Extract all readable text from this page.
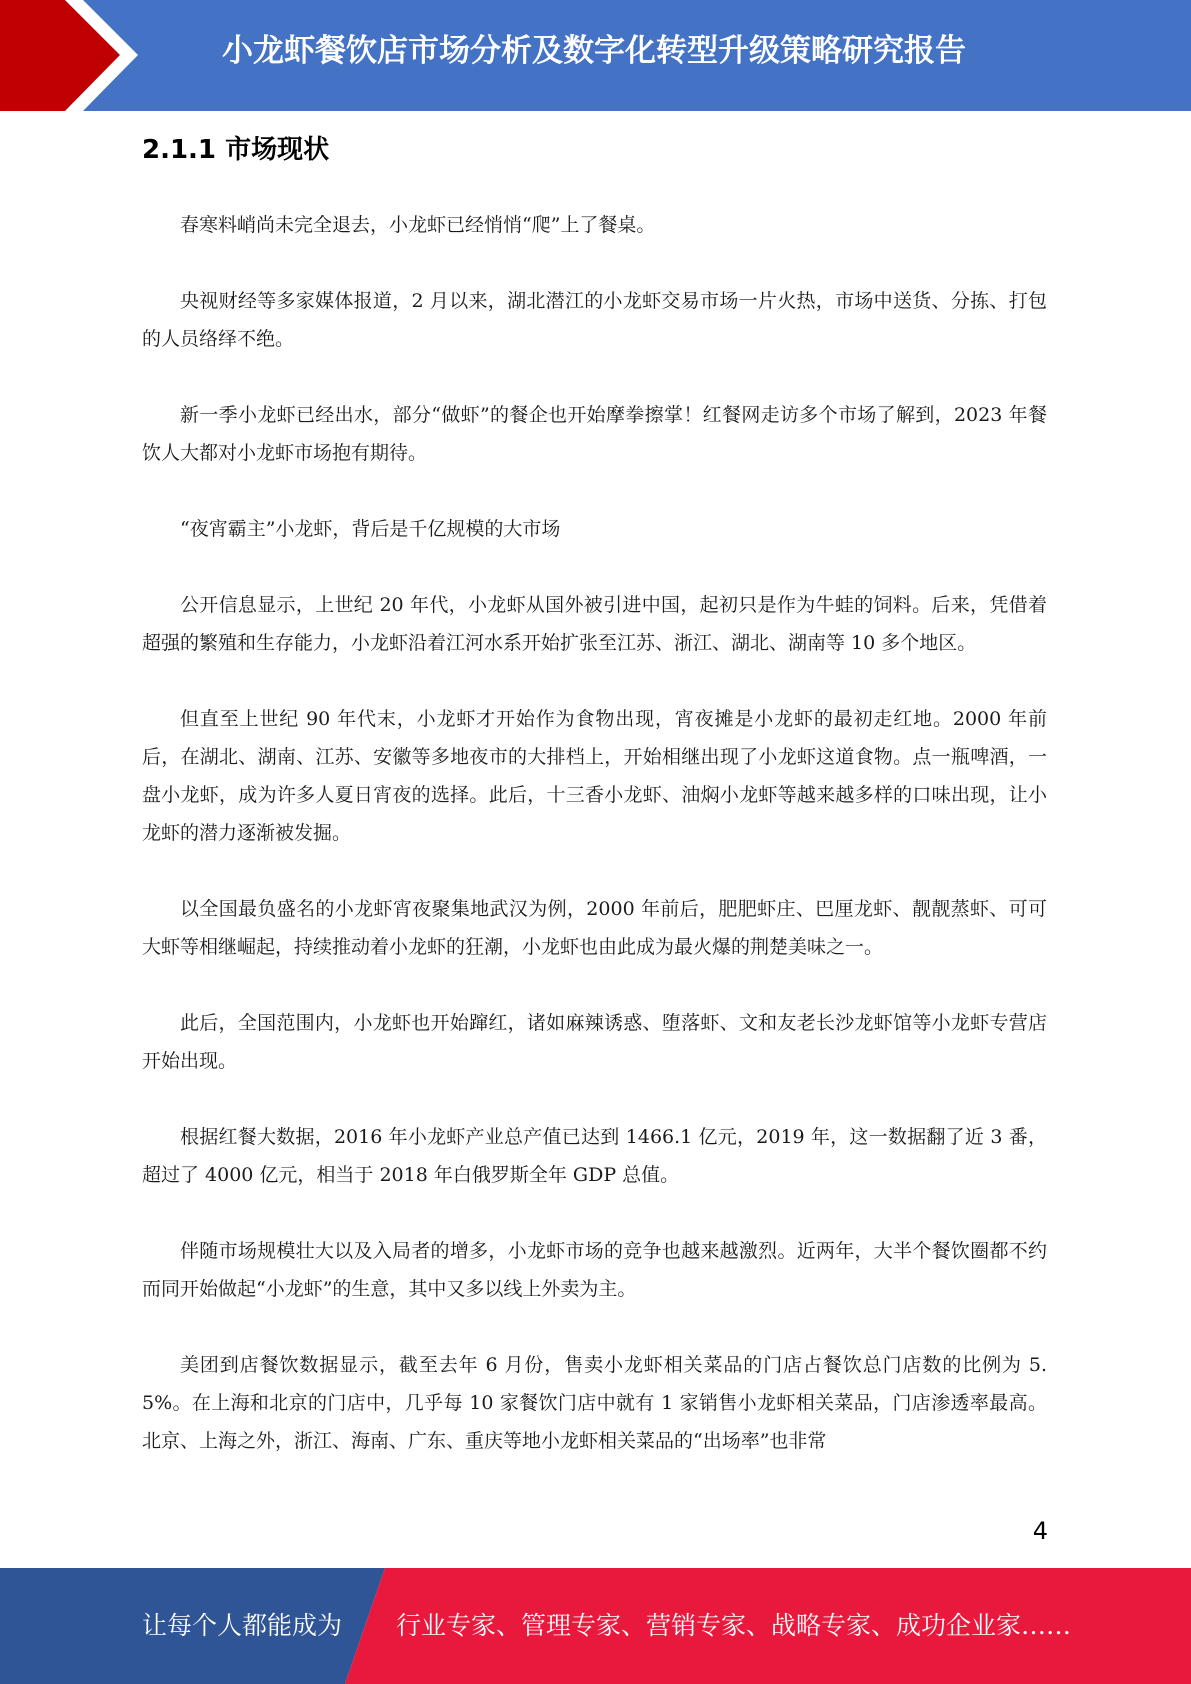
小龙虾餐饮店市场分析及数字化转型升级策略研究报告
2.1.1 市场现状

春寒料峭尚未完全退去，小龙虾已经悄悄“爬”上了餐桌。

央视财经等多家媒体报道，2 月以来，湖北潜江的小龙虾交易市场一片火热，市场中送货、分拣、打包的人员络绎不绝。

新一季小龙虾已经出水，部分“做虾”的餐企也开始摩拳擦掌！红餐网走访多个市场了解到，2023 年餐饮人大都对小龙虾市场抱有期待。

“夜宵霸主”小龙虾，背后是千亿规模的大市场

公开信息显示，上世纪 20 年代，小龙虾从国外被引进中国，起初只是作为牛蛙的饲料。后来，凭借着超强的繁殖和生存能力，小龙虾沿着江河水系开始扩张至江苏、浙江、湖北、湖南等 10 多个地区。

但直至上世纪 90 年代末，小龙虾才开始作为食物出现，宵夜摊是小龙虾的最初走红地。2000 年前后，在湖北、湖南、江苏、安徽等多地夜市的大排档上，开始相继出现了小龙虾这道食物。点一瓶啤酒，一盘小龙虾，成为许多人夏日宵夜的选择。此后，十三香小龙虾、油焖小龙虾等越来越多样的口味出现，让小龙虾的潜力逐渐被发掘。

以全国最负盛名的小龙虾宵夜聚集地武汉为例，2000 年前后，肥肥虾庄、巴厘龙虾、靓靓蒸虾、可可大虾等相继崛起，持续推动着小龙虾的狂潮，小龙虾也由此成为最火爆的荆楚美味之一。

此后，全国范围内，小龙虾也开始蹿红，诸如麻辣诱惑、堕落虾、文和友老长沙龙虾馆等小龙虾专营店开始出现。

根据红餐大数据，2016 年小龙虾产业总产值已达到 1466.1 亿元，2019 年，这一数据翻了近 3 番，超过了 4000 亿元，相当于 2018 年白俄罗斯全年 GDP 总值。

伴随市场规模壮大以及入局者的增多，小龙虾市场的竞争也越来越激烈。近两年，大半个餐饮圈都不约而同开始做起“小龙虾”的生意，其中又多以线上外卖为主。

美团到店餐饮数据显示，截至去年 6 月份，售卖小龙虾相关菜品的门店占餐饮总门店数的比例为 5.5%。在上海和北京的门店中，几乎每 10 家餐饮门店中就有 1 家销售小龙虾相关菜品，门店渗透率最高。北京、上海之外，浙江、海南、广东、重庆等地小龙虾相关菜品的“出场率”也非常

4
让每个人都能成为 行业专家、管理专家、营销专家、战略专家、成功企业家……
